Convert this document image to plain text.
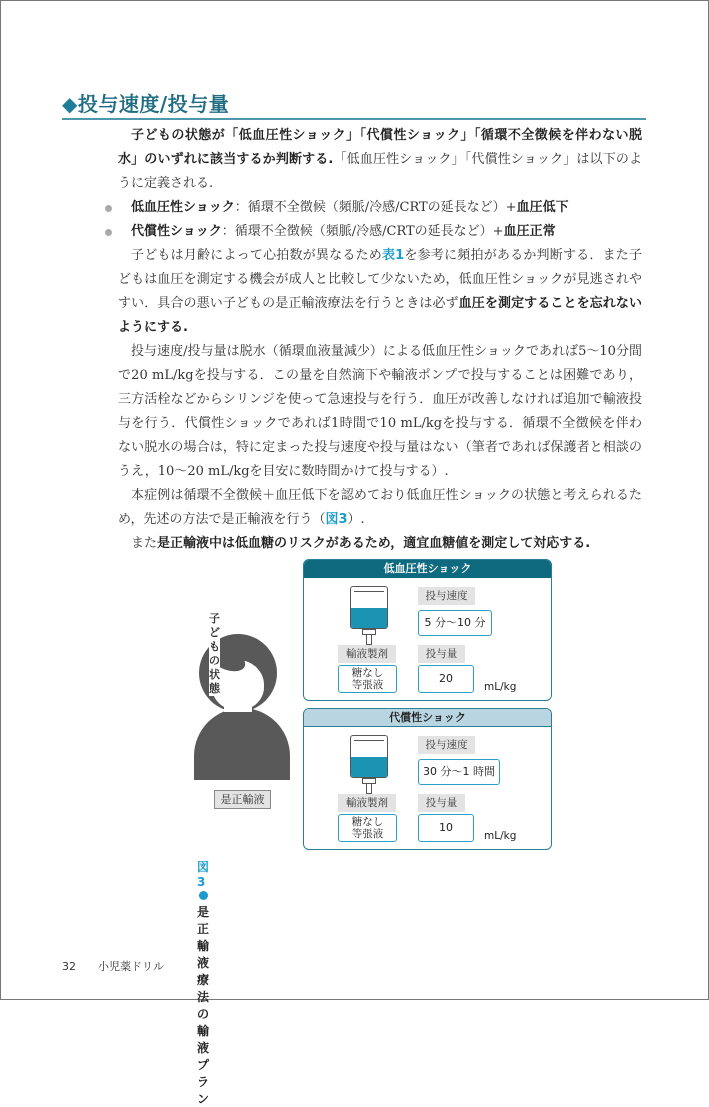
◆投与速度/投与量

子どもの状態が「低血圧性ショック」「代償性ショック」「循環不全徴候を伴わない脱水」のいずれに該当するか判断する.「低血圧性ショック」「代償性ショック」は以下のように定義される.

低血圧性ショック：循環不全徴候（頻脈/冷感/CRTの延長など）+血圧低下

代償性ショック：循環不全徴候（頻脈/冷感/CRTの延長など）+血圧正常

子どもは月齢によって心拍数が異なるため表1を参考に頻拍があるか判断する．また子どもは血圧を測定する機会が成人と比較して少ないため，低血圧性ショックが見逃されやすい．具合の悪い子どもの是正輸液療法を行うときは必ず血圧を測定することを忘れないようにする.

投与速度/投与量は脱水（循環血液量減少）による低血圧性ショックであれば5～10分間で20 mL/kgを投与する．この量を自然滴下や輸液ポンプで投与することは困難であり，三方活栓などからシリンジを使って急速投与を行う．血圧が改善しなければ追加で輸液投与を行う．代償性ショックであれば1時間で10 mL/kgを投与する．循環不全徴候を伴わない脱水の場合は，特に定まった投与速度や投与量はない（筆者であれば保護者と相談のうえ，10～20 mL/kgを目安に数時間かけて投与する）.

本症例は循環不全徴候＋血圧低下を認めており低血圧性ショックの状態と考えられるため，先述の方法で是正輸液を行う（図3）.

また是正輸液中は低血糖のリスクがあるため，適宜血糖値を測定して対応する.

子どもの状態
是正輸液
低血圧性ショック
投与速度
5 分～10 分
輸液製剤	投与量
糖なし
等張液	20
mL/kg
代償性ショック
投与速度
30 分～1 時間
輸液製剤	投与量
糖なし
等張液	10
mL/kg
図 3是正輸液療法の輸液プラン
32 小児薬ドリル
